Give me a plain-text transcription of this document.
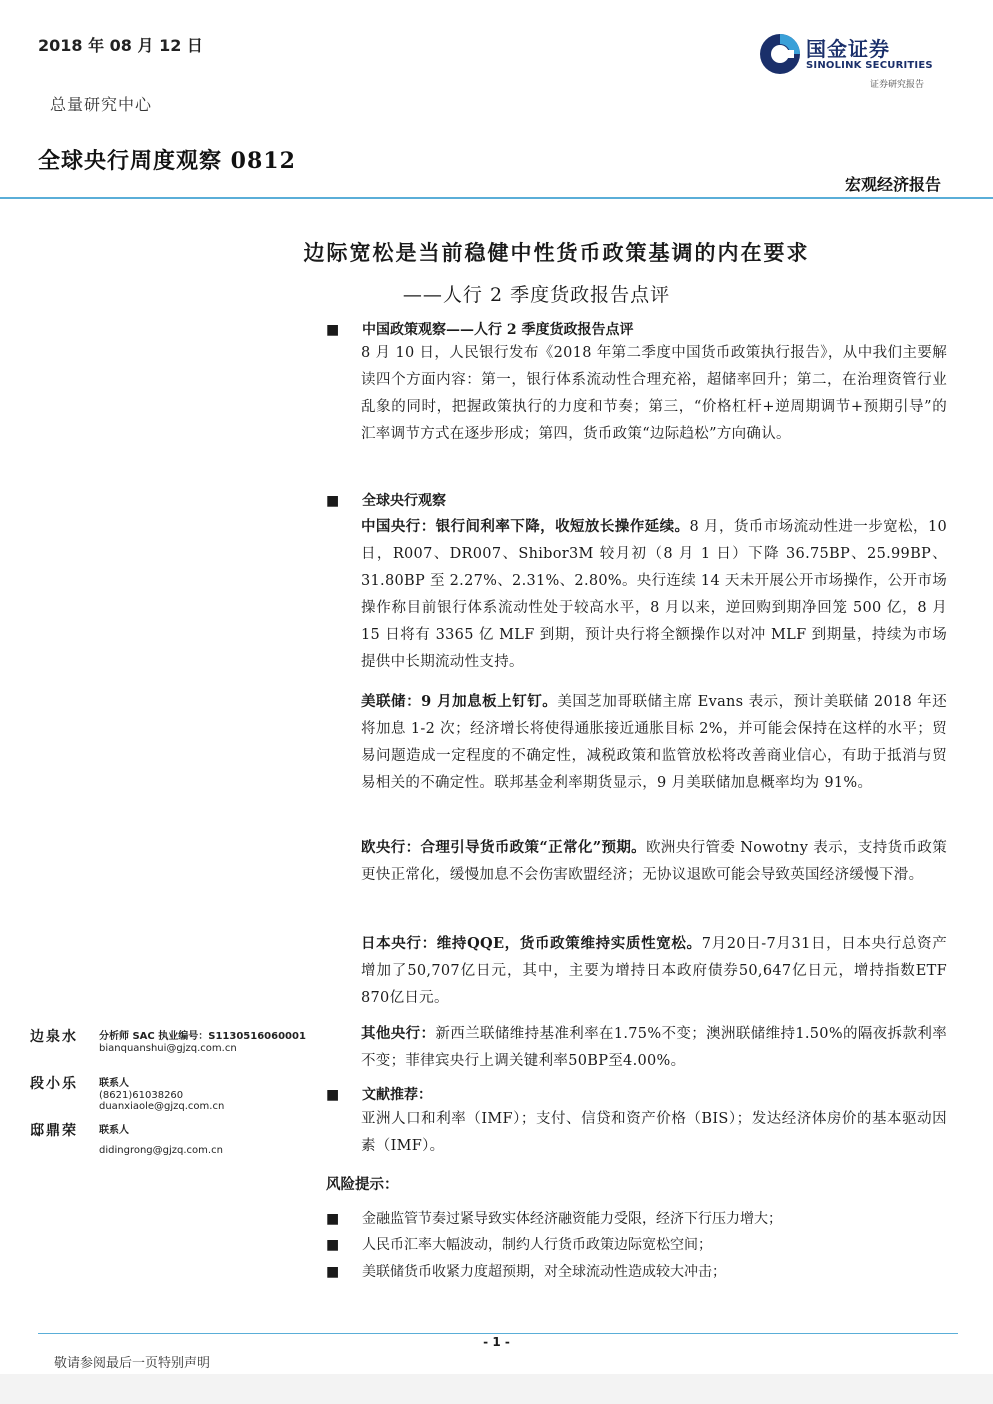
2018 年 08 月 12 日
总量研究中心
全球央行周度观察 0812
国金证券
SINOLINK SECURITIES
证券研究报告
宏观经济报告
边际宽松是当前稳健中性货币政策基调的内在要求
——人行 2 季度货政报告点评
■ 中国政策观察——人行 2 季度货政报告点评
8 月 10 日，人民银行发布《2018 年第二季度中国货币政策执行报告》，从中我们主要解读四个方面内容：第一，银行体系流动性合理充裕，超储率回升；第二，在治理资管行业乱象的同时，把握政策执行的力度和节奏；第三，“价格杠杆+逆周期调节+预期引导”的汇率调节方式在逐步形成；第四，货币政策“边际趋松”方向确认。
■ 全球央行观察
中国央行：银行间利率下降，收短放长操作延续。8 月，货币市场流动性进一步宽松，10 日，R007、DR007、Shibor3M 较月初（8 月 1 日）下降 36.75BP、25.99BP、31.80BP 至 2.27%、2.31%、2.80%。央行连续 14 天未开展公开市场操作，公开市场操作称目前银行体系流动性处于较高水平，8 月以来，逆回购到期净回笼 500 亿，8 月 15 日将有 3365 亿 MLF 到期，预计央行将全额操作以对冲 MLF 到期量，持续为市场提供中长期流动性支持。
美联储：9 月加息板上钉钉。美国芝加哥联储主席 Evans 表示，预计美联储 2018 年还将加息 1-2 次；经济增长将使得通胀接近通胀目标 2%，并可能会保持在这样的水平；贸易问题造成一定程度的不确定性，减税政策和监管放松将改善商业信心，有助于抵消与贸易相关的不确定性。联邦基金利率期货显示，9 月美联储加息概率均为 91%。
欧央行：合理引导货币政策“正常化”预期。欧洲央行管委 Nowotny 表示，支持货币政策更快正常化，缓慢加息不会伤害欧盟经济；无协议退欧可能会导致英国经济缓慢下滑。
日本央行：维持QQE，货币政策维持实质性宽松。7月20日-7月31日，日本央行总资产增加了50,707亿日元，其中，主要为增持日本政府债券50,647亿日元，增持指数ETF 870亿日元。
其他央行：新西兰联储维持基准利率在1.75%不变；澳洲联储维持1.50%的隔夜拆款利率不变；菲律宾央行上调关键利率50BP至4.00%。
■ 文献推荐：
亚洲人口和利率（IMF）；支付、信贷和资产价格（BIS）；发达经济体房价的基本驱动因素（IMF）。
风险提示：
■ 金融监管节奏过紧导致实体经济融资能力受限，经济下行压力增大；
■ 人民币汇率大幅波动，制约人行货币政策边际宽松空间；
■ 美联储货币收紧力度超预期，对全球流动性造成较大冲击；
边泉水 分析师 SAC 执业编号：S1130516060001
bianquanshui@gjzq.com.cn
段小乐 联系人
(8621)61038260
duanxiaole@gjzq.com.cn
邸鼎荣 联系人
didingrong@gjzq.com.cn
- 1 -
敬请参阅最后一页特别声明
